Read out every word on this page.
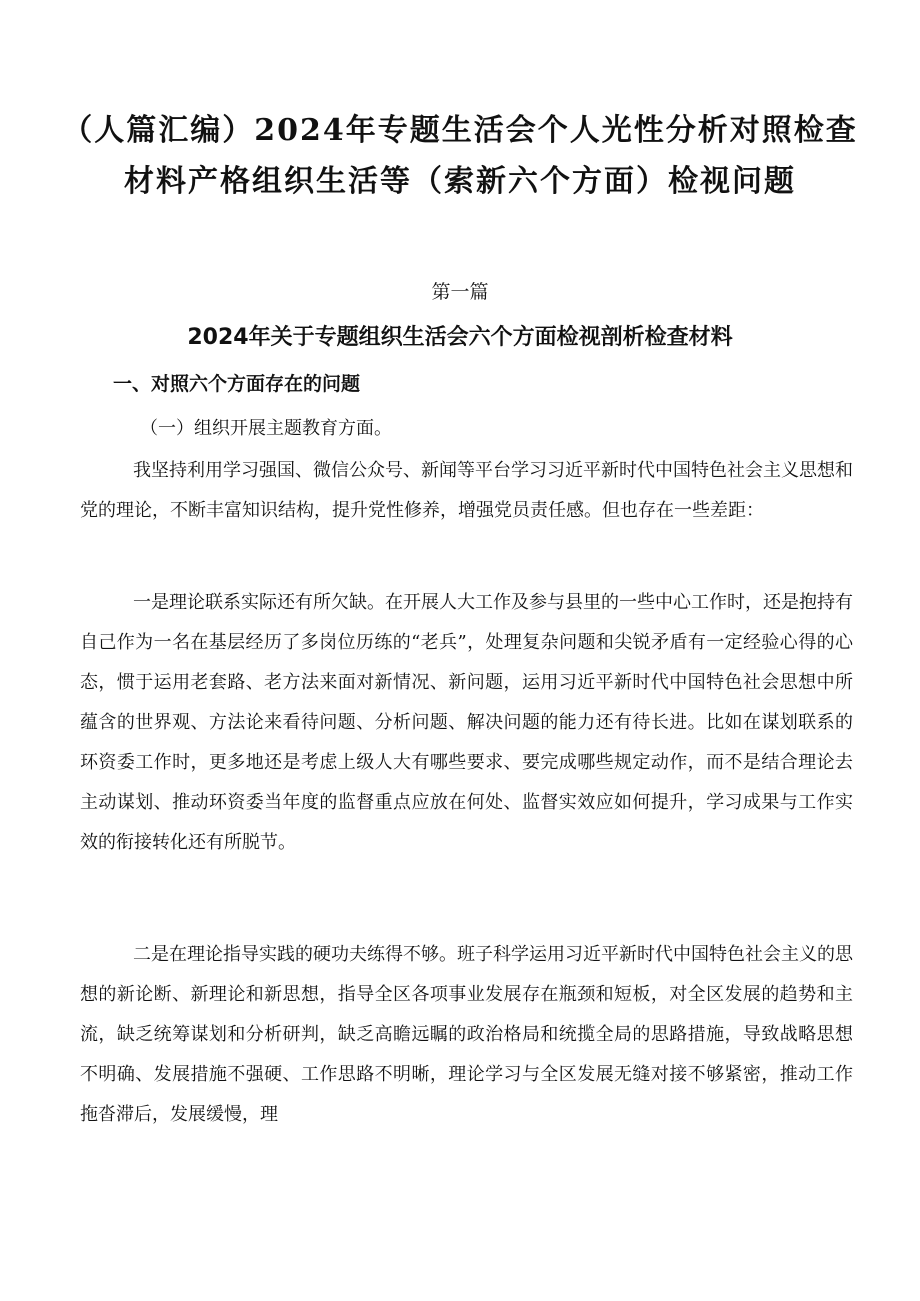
（人篇汇编）2024年专题生活会个人光性分析对照检查
材料产格组织生活等（索新六个方面）检视问题

第一篇

2024年关于专题组织生活会六个方面检视剖析检查材料
一、对照六个方面存在的问题

（一）组织开展主题教育方面。

我坚持利用学习强国、微信公众号、新闻等平台学习习近平新时代中国特色社会主义思想和党的理论，不断丰富知识结构，提升党性修养，增强党员责任感。但也存在一些差距：

一是理论联系实际还有所欠缺。在开展人大工作及参与县里的一些中心工作时，还是抱持有自己作为一名在基层经历了多岗位历练的“老兵”，处理复杂问题和尖锐矛盾有一定经验心得的心态，惯于运用老套路、老方法来面对新情况、新问题，运用习近平新时代中国特色社会思想中所蕴含的世界观、方法论来看待问题、分析问题、解决问题的能力还有待长进。比如在谋划联系的环资委工作时，更多地还是考虑上级人大有哪些要求、要完成哪些规定动作，而不是结合理论去主动谋划、推动环资委当年度的监督重点应放在何处、监督实效应如何提升，学习成果与工作实效的衔接转化还有所脱节。

二是在理论指导实践的硬功夫练得不够。班子科学运用习近平新时代中国特色社会主义的思想的新论断、新理论和新思想，指导全区各项事业发展存在瓶颈和短板，对全区发展的趋势和主流，缺乏统筹谋划和分析研判，缺乏高瞻远瞩的政治格局和统揽全局的思路措施，导致战略思想不明确、发展措施不强硬、工作思路不明晰，理论学习与全区发展无缝对接不够紧密，推动工作拖沓滞后，发展缓慢，理
